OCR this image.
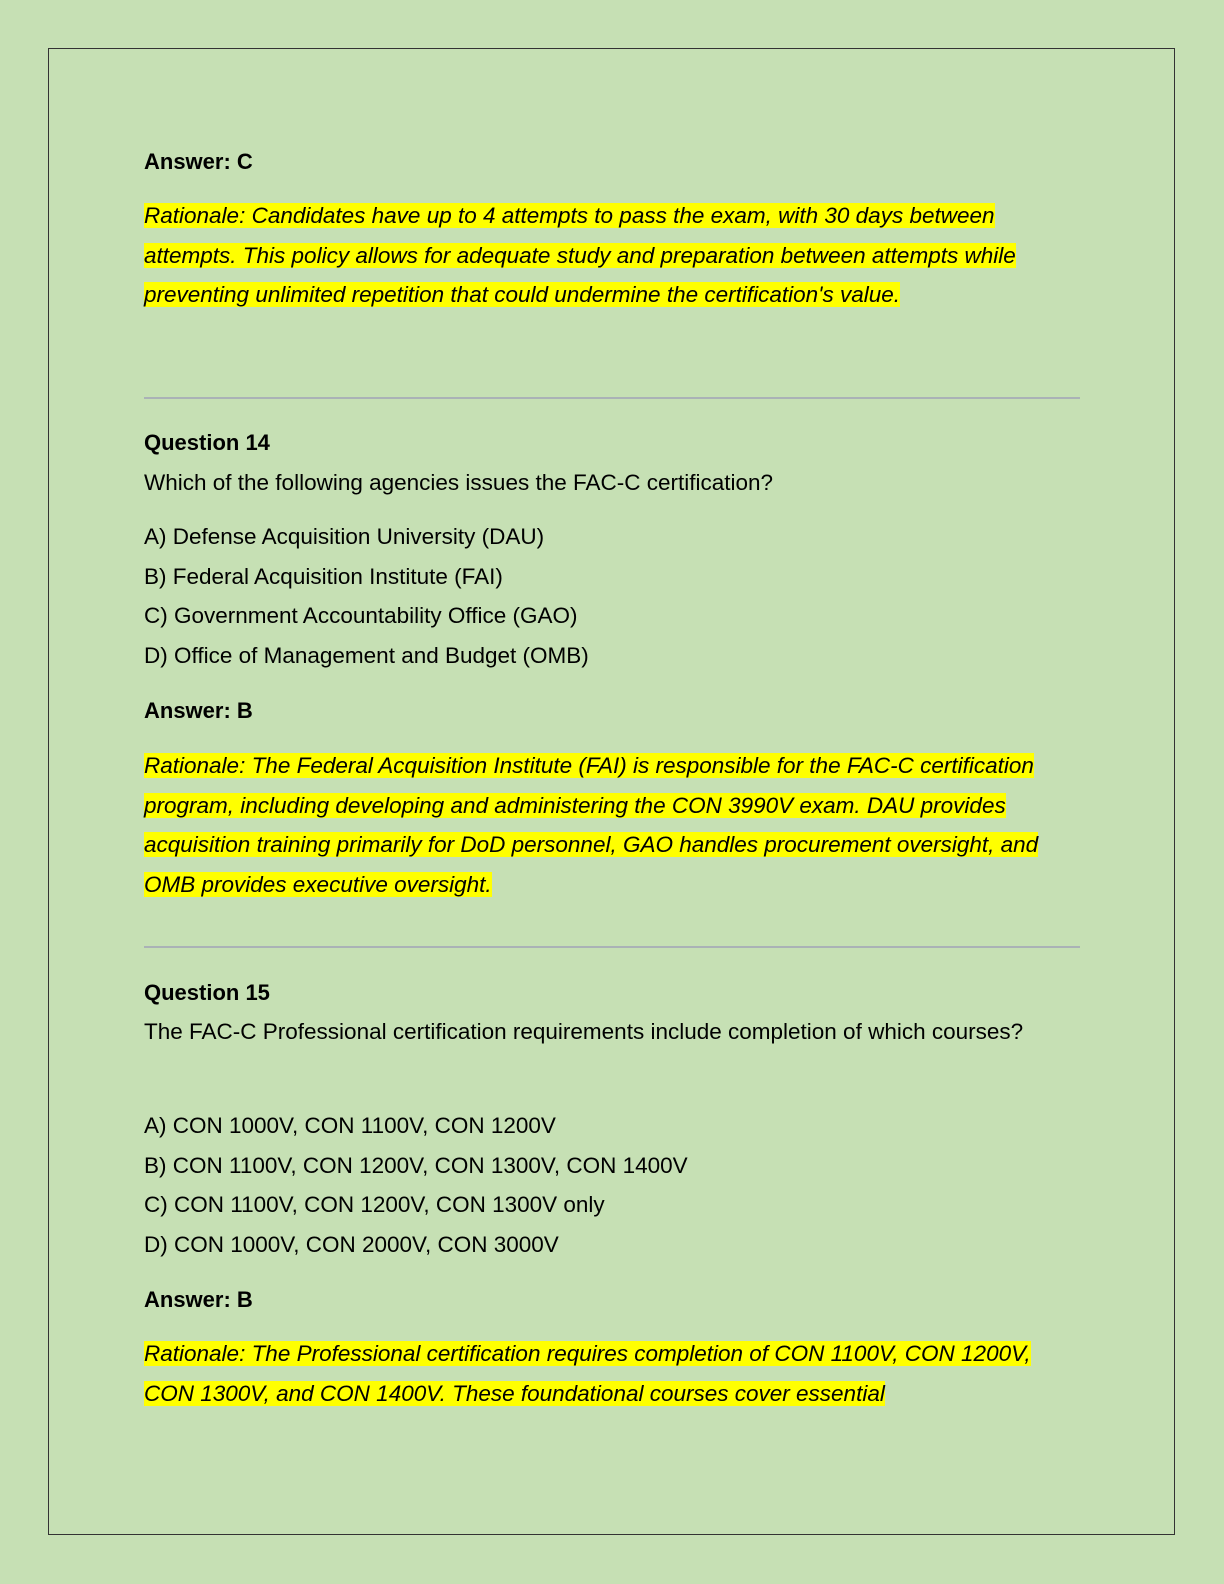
Answer: C

Rationale: Candidates have up to 4 attempts to pass the exam, with 30 days between attempts. This policy allows for adequate study and preparation between attempts while preventing unlimited repetition that could undermine the certification's value.

Question 14

Which of the following agencies issues the FAC-C certification?

A) Defense Acquisition University (DAU)
B) Federal Acquisition Institute (FAI)
C) Government Accountability Office (GAO)
D) Office of Management and Budget (OMB)

Answer: B

Rationale: The Federal Acquisition Institute (FAI) is responsible for the FAC-C certification program, including developing and administering the CON 3990V exam. DAU provides acquisition training primarily for DoD personnel, GAO handles procurement oversight, and OMB provides executive oversight.

Question 15

The FAC-C Professional certification requirements include completion of which courses?

A) CON 1000V, CON 1100V, CON 1200V
B) CON 1100V, CON 1200V, CON 1300V, CON 1400V
C) CON 1100V, CON 1200V, CON 1300V only
D) CON 1000V, CON 2000V, CON 3000V

Answer: B

Rationale: The Professional certification requires completion of CON 1100V, CON 1200V, CON 1300V, and CON 1400V. These foundational courses cover essential
